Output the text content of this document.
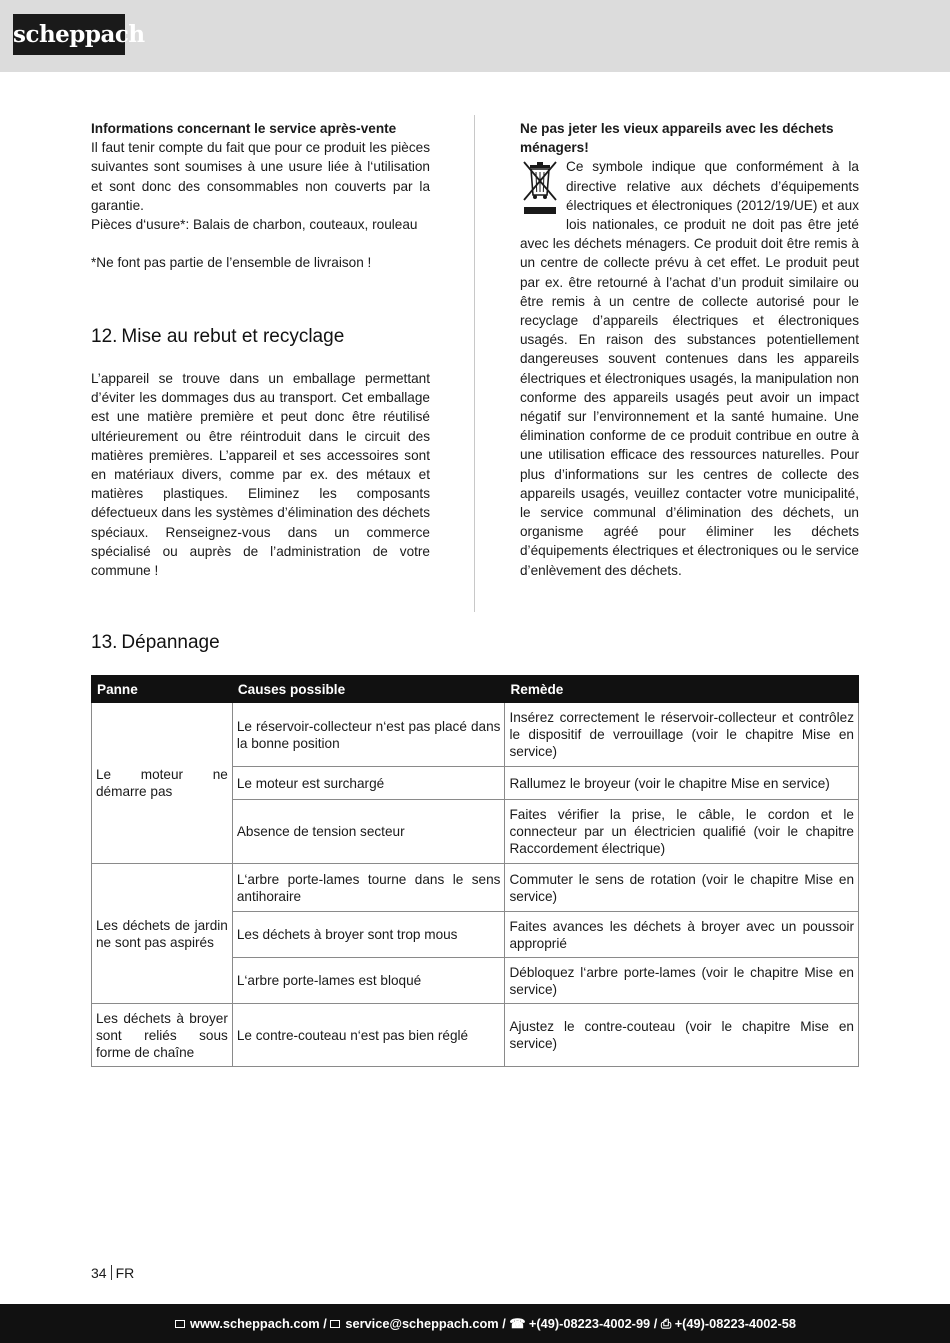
scheppach
Informations concernant le service après-vente
Il faut tenir compte du fait que pour ce produit les pièces suivantes sont soumises à une usure liée à l‘utilisation et sont donc des consommables non couverts par la garantie.
Pièces d‘usure*: Balais de charbon, couteaux, rouleau
*Ne font pas partie de l’ensemble de livraison !
12. Mise au rebut et recyclage
L’appareil se trouve dans un emballage permettant d’éviter les dommages dus au transport. Cet emballage est une matière première et peut donc être réutilisé ultérieurement ou être réintroduit dans le circuit des matières premières. L’appareil et ses accessoires sont en matériaux divers, comme par ex. des métaux et matières plastiques. Eliminez les composants défectueux dans les systèmes d’élimination des déchets spéciaux. Renseignez-vous dans un commerce spécialisé ou auprès de l’administration de votre commune !
Ne pas jeter les vieux appareils avec les déchets ménagers!
Ce symbole indique que conformément à la directive relative aux déchets d’équipements électriques et électroniques (2012/19/UE) et aux lois nationales, ce produit ne doit pas être jeté avec les déchets ménagers. Ce produit doit être remis à un centre de collecte prévu à cet effet. Le produit peut par ex. être retourné à l’achat d’un produit similaire ou être remis à un centre de collecte autorisé pour le recyclage d’appareils électriques et électroniques usagés. En raison des substances potentiellement dangereuses souvent contenues dans les appareils électriques et électroniques usagés, la manipulation non conforme des appareils usagés peut avoir un impact négatif sur l’environnement et la santé humaine. Une élimination conforme de ce produit contribue en outre à une utilisation efficace des ressources naturelles. Pour plus d’informations sur les centres de collecte des appareils usagés, veuillez contacter votre municipalité, le service communal d’élimination des déchets, un organisme agréé pour éliminer les déchets d’équipements électriques et électroniques ou le service d’enlèvement des déchets.
13. Dépannage
Panne	Causes possible	Remède
Le moteur ne démarre pas	Le réservoir-collecteur n‘est pas placé dans la bonne position	Insérez correctement le réservoir-collecteur et contrôlez le dispositif de verrouillage (voir le chapitre Mise en service)
	Le moteur est surchargé	Rallumez le broyeur (voir le chapitre Mise en service)
	Absence de tension secteur	Faites vérifier la prise, le câble, le cordon et le connecteur par un électricien qualifié (voir le chapitre Raccordement électrique)
Les déchets de jardin ne sont pas aspirés	L‘arbre porte-lames tourne dans le sens antihoraire	Commuter le sens de rotation (voir le chapitre Mise en service)
	Les déchets à broyer sont trop mous	Faites avances les déchets à broyer avec un poussoir approprié
	L‘arbre porte-lames est bloqué	Débloquez l‘arbre porte-lames (voir le chapitre Mise en service)
Les déchets à broyer sont reliés sous forme de chaîne	Le contre-couteau n‘est pas bien réglé	Ajustez le contre-couteau (voir le chapitre Mise en service)
34 FR
www.scheppach.com / service@scheppach.com / ☎ +(49)-08223-4002-99 / ⎙ +(49)-08223-4002-58
